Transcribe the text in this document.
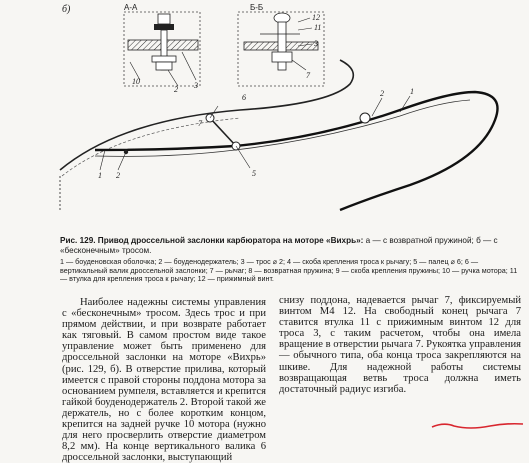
б)	А-А
10
2 3
Б-Б
12
11
3
7
6
7
5
1 2
2	1
Рис. 129. Привод дроссельной заслонки карбюратора на моторе «Вихрь»: а — с возвратной пружиной; б — с «бесконечным» тросом.
1 — боуденовская оболочка; 2 — боуденодержатель; 3 — трос ⌀ 2; 4 — скоба крепления троса к рычагу; 5 — палец ⌀ 6; 6 — вертикальный валик дроссельной заслонки; 7 — рычаг; 8 — возвратная пружина; 9 — скоба крепления пружины; 10 — ручка мотора; 11 — втулка для крепления троса к рычагу; 12 — прижимный винт.

Наиболее надежны системы управления с «бесконечным» тросом. Здесь трос и при прямом действии, и при возврате работает как тяговый. В самом простом виде такое управление может быть применено для дроссельной заслонки на моторе «Вихрь» (рис. 129, б). В отверстие прилива, который имеется с правой стороны поддона мотора за основанием румпеля, вставляется и крепится гайкой боуденодержатель 2. Второй такой же держатель, но с более коротким концом, крепится на задней ручке 10 мотора (нужно для него просверлить отверстие диаметром 8,2 мм). На конце вертикального валика 6 дроссельной заслонки, выступающий

снизу поддона, надевается рычаг 7, фиксируемый винтом М4 12. На свободный конец рычага 7 ставится втулка 11 с прижимным винтом 12 для троса 3, с таким расчетом, чтобы она имела вращение в отверстии рычага 7. Рукоятка управления — обычного типа, оба конца троса закрепляются на шкиве. Для надежной работы системы возвращающая ветвь троса должна иметь достаточный радиус изгиба.
